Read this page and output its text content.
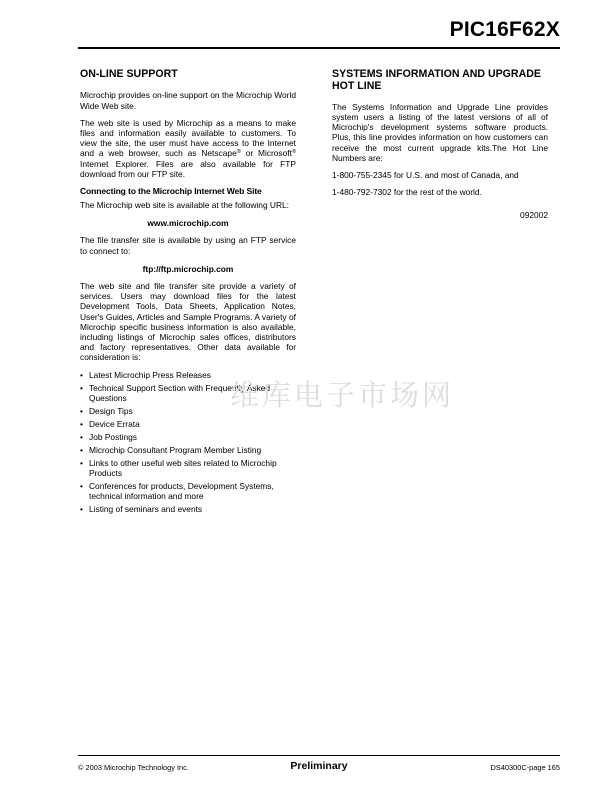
PIC16F62X
ON-LINE SUPPORT

Microchip provides on-line support on the Microchip World Wide Web site.

The web site is used by Microchip as a means to make files and information easily available to customers. To view the site, the user must have access to the Internet and a web browser, such as Netscape® or Microsoft® Internet Explorer. Files are also available for FTP download from our FTP site.

Connecting to the Microchip Internet Web Site

The Microchip web site is available at the following URL:

www.microchip.com

The file transfer site is available by using an FTP service to connect to:

ftp://ftp.microchip.com

The web site and file transfer site provide a variety of services. Users may download files for the latest Development Tools, Data Sheets, Application Notes, User's Guides, Articles and Sample Programs. A variety of Microchip specific business information is also available, including listings of Microchip sales offices, distributors and factory representatives. Other data available for consideration is:

• Latest Microchip Press Releases
• Technical Support Section with Frequently Asked Questions
• Design Tips
• Device Errata
• Job Postings
• Microchip Consultant Program Member Listing
• Links to other useful web sites related to Microchip Products
• Conferences for products, Development Systems, technical information and more
• Listing of seminars and events
SYSTEMS INFORMATION AND UPGRADE HOT LINE

The Systems Information and Upgrade Line provides system users a listing of the latest versions of all of Microchip's development systems software products. Plus, this line provides information on how customers can receive the most current upgrade kits.The Hot Line Numbers are:

1-800-755-2345 for U.S. and most of Canada, and

1-480-792-7302 for the rest of the world.

092002
维库电子市场网
© 2003 Microchip Technology Inc.	Preliminary	DS40300C-page 165
